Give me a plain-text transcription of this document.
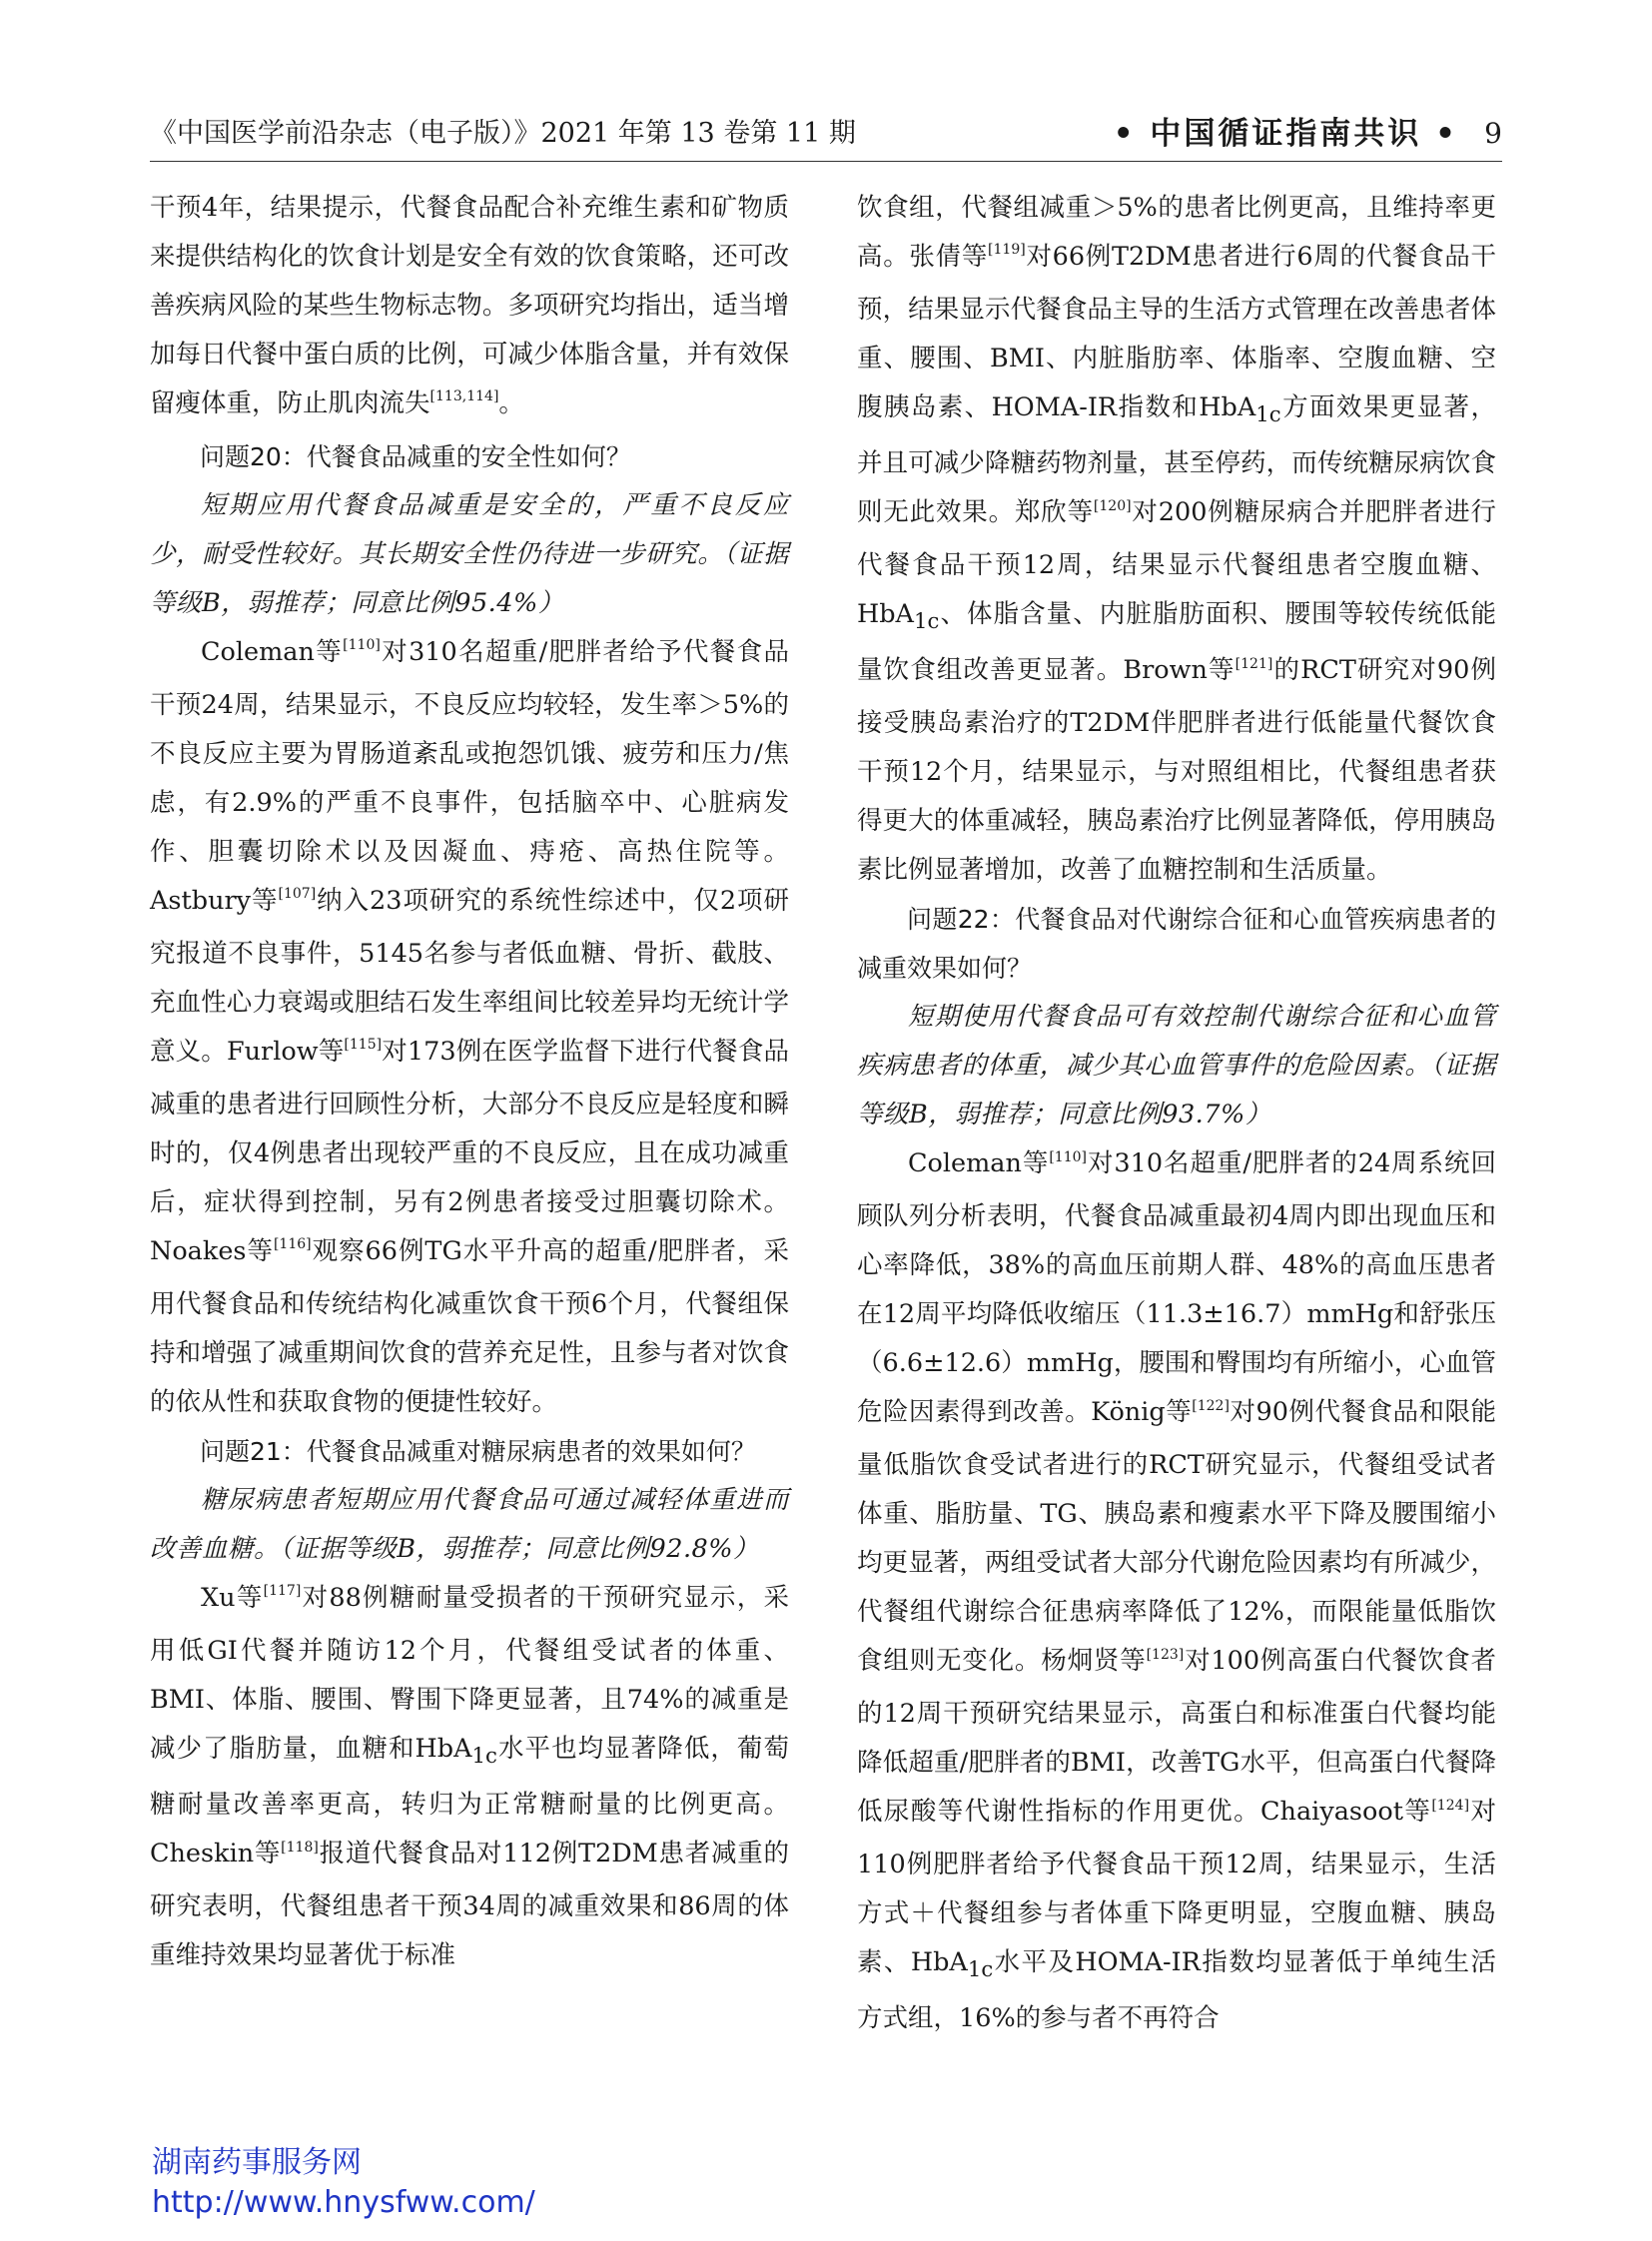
《中国医学前沿杂志（电子版）》2021 年第 13 卷第 11 期	• 中国循证指南共识 • 9

干预4年，结果提示，代餐食品配合补充维生素和矿物质来提供结构化的饮食计划是安全有效的饮食策略，还可改善疾病风险的某些生物标志物。多项研究均指出，适当增加每日代餐中蛋白质的比例，可减少体脂含量，并有效保留瘦体重，防止肌肉流失[113,114]。

问题20：代餐食品减重的安全性如何？

短期应用代餐食品减重是安全的，严重不良反应少，耐受性较好。其长期安全性仍待进一步研究。（证据等级B，弱推荐；同意比例95.4%）

Coleman等[110]对310名超重/肥胖者给予代餐食品干预24周，结果显示，不良反应均较轻，发生率＞5%的不良反应主要为胃肠道紊乱或抱怨饥饿、疲劳和压力/焦虑，有2.9%的严重不良事件，包括脑卒中、心脏病发作、胆囊切除术以及因凝血、痔疮、高热住院等。Astbury等[107]纳入23项研究的系统性综述中，仅2项研究报道不良事件，5145名参与者低血糖、骨折、截肢、充血性心力衰竭或胆结石发生率组间比较差异均无统计学意义。Furlow等[115]对173例在医学监督下进行代餐食品减重的患者进行回顾性分析，大部分不良反应是轻度和瞬时的，仅4例患者出现较严重的不良反应，且在成功减重后，症状得到控制，另有2例患者接受过胆囊切除术。Noakes等[116]观察66例TG水平升高的超重/肥胖者，采用代餐食品和传统结构化减重饮食干预6个月，代餐组保持和增强了减重期间饮食的营养充足性，且参与者对饮食的依从性和获取食物的便捷性较好。

问题21：代餐食品减重对糖尿病患者的效果如何？

糖尿病患者短期应用代餐食品可通过减轻体重进而改善血糖。（证据等级B，弱推荐；同意比例92.8%）

Xu等[117]对88例糖耐量受损者的干预研究显示，采用低GI代餐并随访12个月，代餐组受试者的体重、BMI、体脂、腰围、臀围下降更显著，且74%的减重是减少了脂肪量，血糖和HbA$_{1c}$水平也均显著降低，葡萄糖耐量改善率更高，转归为正常糖耐量的比例更高。Cheskin等[118]报道代餐食品对112例T2DM患者减重的研究表明，代餐组患者干预34周的减重效果和86周的体重维持效果均显著优于标准

饮食组，代餐组减重＞5%的患者比例更高，且维持率更高。张倩等[119]对66例T2DM患者进行6周的代餐食品干预，结果显示代餐食品主导的生活方式管理在改善患者体重、腰围、BMI、内脏脂肪率、体脂率、空腹血糖、空腹胰岛素、HOMA-IR指数和HbA$_{1c}$方面效果更显著，并且可减少降糖药物剂量，甚至停药，而传统糖尿病饮食则无此效果。郑欣等[120]对200例糖尿病合并肥胖者进行代餐食品干预12周，结果显示代餐组患者空腹血糖、HbA$_{1c}$、体脂含量、内脏脂肪面积、腰围等较传统低能量饮食组改善更显著。Brown等[121]的RCT研究对90例接受胰岛素治疗的T2DM伴肥胖者进行低能量代餐饮食干预12个月，结果显示，与对照组相比，代餐组患者获得更大的体重减轻，胰岛素治疗比例显著降低，停用胰岛素比例显著增加，改善了血糖控制和生活质量。

问题22：代餐食品对代谢综合征和心血管疾病患者的减重效果如何？

短期使用代餐食品可有效控制代谢综合征和心血管疾病患者的体重，减少其心血管事件的危险因素。（证据等级B，弱推荐；同意比例93.7%）

Coleman等[110]对310名超重/肥胖者的24周系统回顾队列分析表明，代餐食品减重最初4周内即出现血压和心率降低，38%的高血压前期人群、48%的高血压患者在12周平均降低收缩压（11.3±16.7）mmHg和舒张压（6.6±12.6）mmHg，腰围和臀围均有所缩小，心血管危险因素得到改善。König等[122]对90例代餐食品和限能量低脂饮食受试者进行的RCT研究显示，代餐组受试者体重、脂肪量、TG、胰岛素和瘦素水平下降及腰围缩小均更显著，两组受试者大部分代谢危险因素均有所减少，代餐组代谢综合征患病率降低了12%，而限能量低脂饮食组则无变化。杨炯贤等[123]对100例高蛋白代餐饮食者的12周干预研究结果显示，高蛋白和标准蛋白代餐均能降低超重/肥胖者的BMI，改善TG水平，但高蛋白代餐降低尿酸等代谢性指标的作用更优。Chaiyasoot等[124]对110例肥胖者给予代餐食品干预12周，结果显示，生活方式＋代餐组参与者体重下降更明显，空腹血糖、胰岛素、HbA$_{1c}$水平及HOMA-IR指数均显著低于单纯生活方式组，16%的参与者不再符合

湖南药事服务网
http://www.hnysfww.com/
